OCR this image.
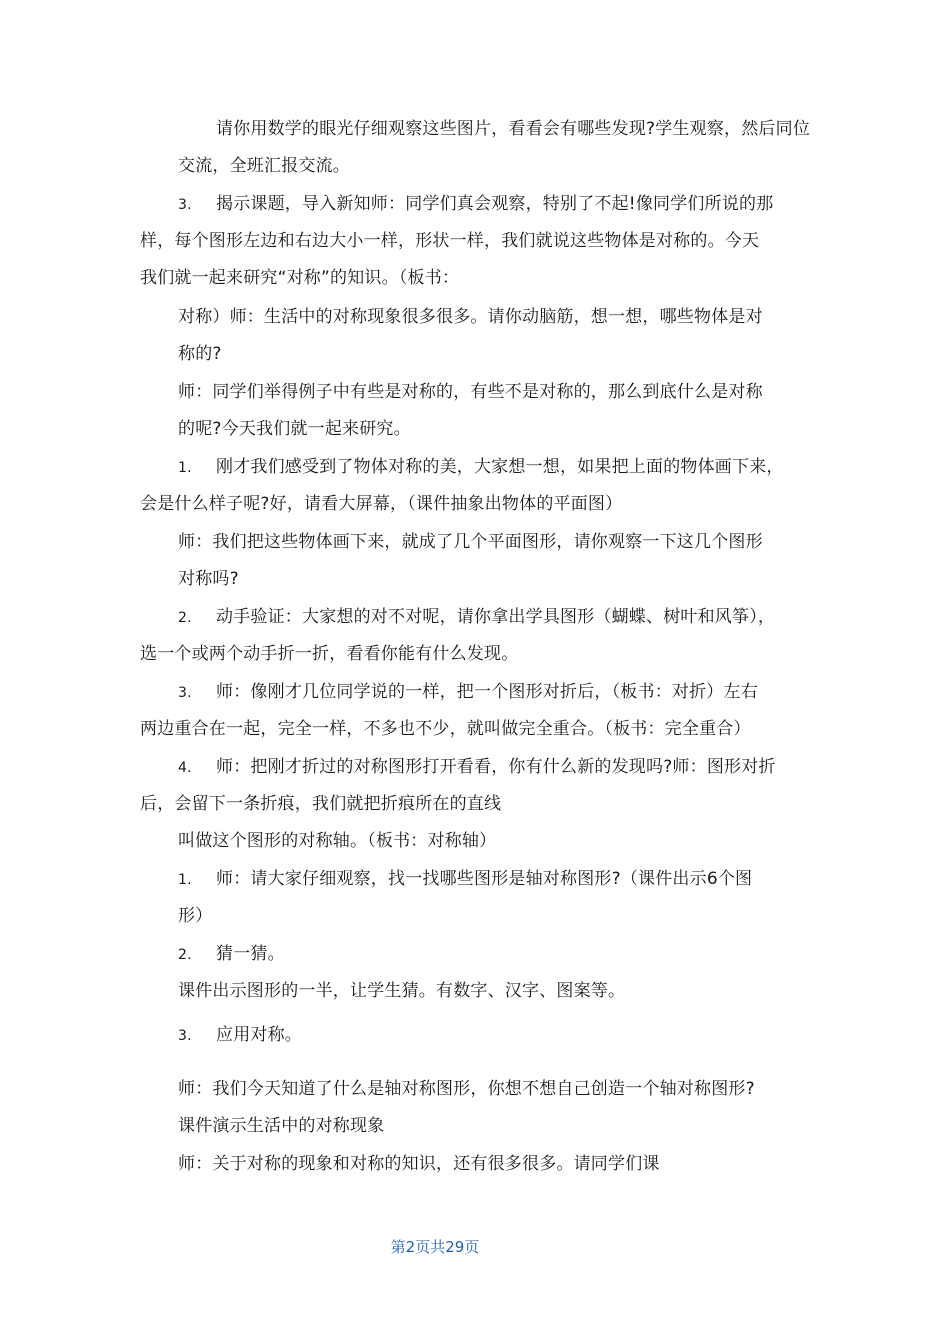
请你用数学的眼光仔细观察这些图片，看看会有哪些发现?学生观察，然后同位
交流，全班汇报交流。
3. 揭示课题，导入新知师：同学们真会观察，特别了不起!像同学们所说的那
样，每个图形左边和右边大小一样，形状一样，我们就说这些物体是对称的。今天
我们就一起来研究“对称”的知识。（板书：
对称）师：生活中的对称现象很多很多。请你动脑筋，想一想，哪些物体是对
称的?
师：同学们举得例子中有些是对称的，有些不是对称的，那么到底什么是对称
的呢?今天我们就一起来研究。
1. 刚才我们感受到了物体对称的美，大家想一想，如果把上面的物体画下来，
会是什么样子呢?好，请看大屏幕，（课件抽象出物体的平面图）
师：我们把这些物体画下来，就成了几个平面图形，请你观察一下这几个图形
对称吗?
2. 动手验证：大家想的对不对呢，请你拿出学具图形（蝴蝶、树叶和风筝），
选一个或两个动手折一折，看看你能有什么发现。
3. 师：像刚才几位同学说的一样，把一个图形对折后，（板书：对折）左右
两边重合在一起，完全一样，不多也不少，就叫做完全重合。（板书：完全重合）
4. 师：把刚才折过的对称图形打开看看，你有什么新的发现吗?师：图形对折
后，会留下一条折痕，我们就把折痕所在的直线
叫做这个图形的对称轴。（板书：对称轴）
1. 师：请大家仔细观察，找一找哪些图形是轴对称图形?（课件出示6个图
形）
2. 猜一猜。
课件出示图形的一半，让学生猜。有数字、汉字、图案等。
3. 应用对称。
师：我们今天知道了什么是轴对称图形，你想不想自己创造一个轴对称图形?
课件演示生活中的对称现象
师：关于对称的现象和对称的知识，还有很多很多。请同学们课
第2页共29页
